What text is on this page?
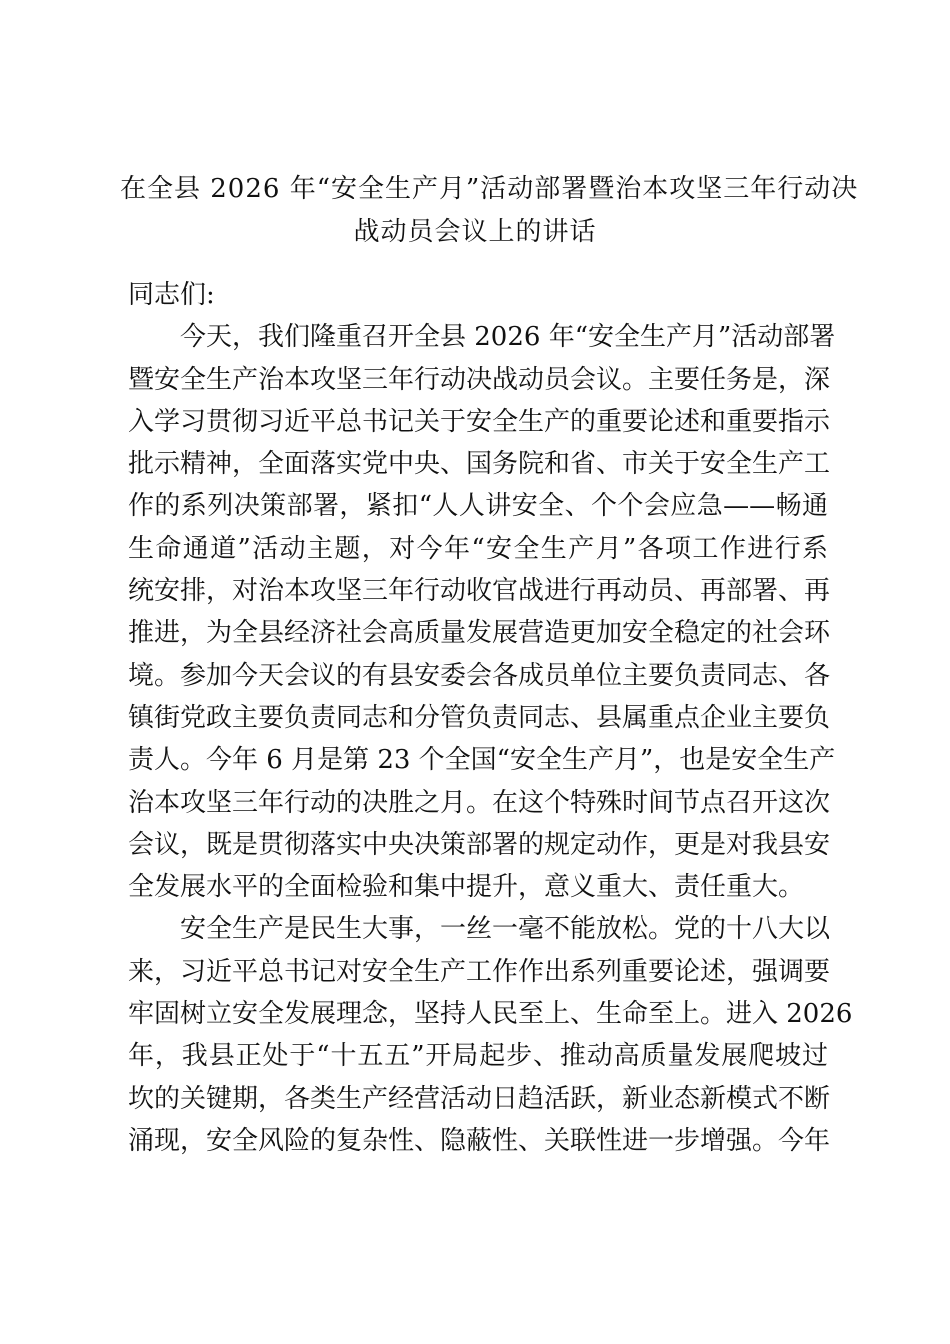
在全县 2026 年“安全生产月”活动部署暨治本攻坚三年行动决
战动员会议上的讲话
同志们:
今天，我们隆重召开全县 2026 年“安全生产月”活动部署
暨安全生产治本攻坚三年行动决战动员会议。主要任务是，深
入学习贯彻习近平总书记关于安全生产的重要论述和重要指示
批示精神，全面落实党中央、国务院和省、市关于安全生产工
作的系列决策部署，紧扣“人人讲安全、个个会应急——畅通
生命通道”活动主题，对今年“安全生产月”各项工作进行系
统安排，对治本攻坚三年行动收官战进行再动员、再部署、再
推进，为全县经济社会高质量发展营造更加安全稳定的社会环
境。参加今天会议的有县安委会各成员单位主要负责同志、各
镇街党政主要负责同志和分管负责同志、县属重点企业主要负
责人。今年 6 月是第 23 个全国“安全生产月”，也是安全生产
治本攻坚三年行动的决胜之月。在这个特殊时间节点召开这次
会议，既是贯彻落实中央决策部署的规定动作，更是对我县安
全发展水平的全面检验和集中提升，意义重大、责任重大。
安全生产是民生大事，一丝一毫不能放松。党的十八大以
来，习近平总书记对安全生产工作作出系列重要论述，强调要
牢固树立安全发展理念，坚持人民至上、生命至上。进入 2026
年，我县正处于“十五五”开局起步、推动高质量发展爬坡过
坎的关键期，各类生产经营活动日趋活跃，新业态新模式不断
涌现，安全风险的复杂性、隐蔽性、关联性进一步增强。今年
